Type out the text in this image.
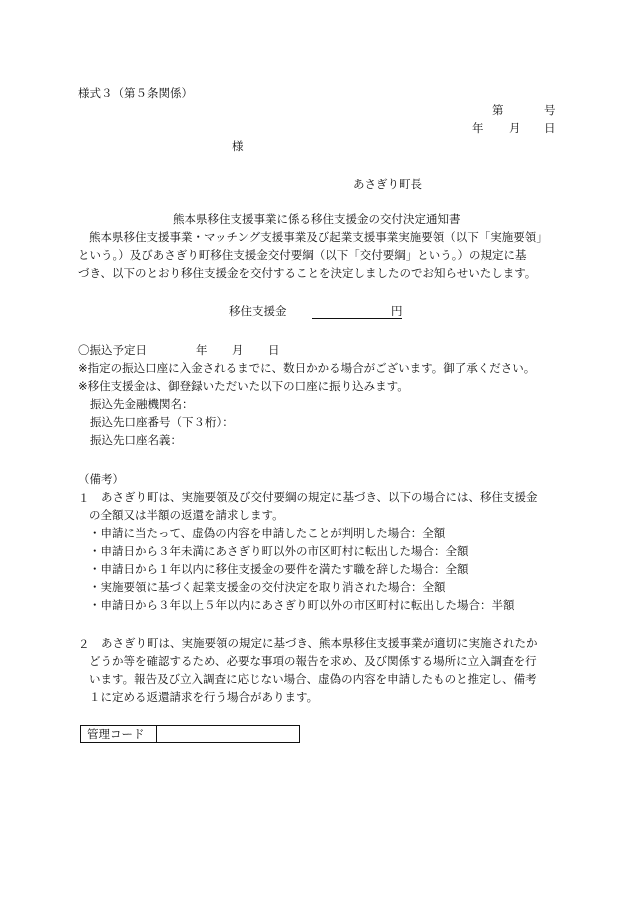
様式３（第５条関係）
第	号
年 月 日
様
あさぎり町長
熊本県移住支援事業に係る移住支援金の交付決定通知書
熊本県移住支援事業・マッチング支援事業及び起業支援事業実施要領（以下「実施要領」
という。）及びあさぎり町移住支援金交付要綱（以下「交付要綱」という。）の規定に基
づき、以下のとおり移住支援金を交付することを決定しましたのでお知らせいたします。
移住支援金	円
〇振込予定日	年 月 日
※指定の振込口座に入金されるまでに、数日かかる場合がございます。御了承ください。
※移住支援金は、御登録いただいた以下の口座に振り込みます。
振込先金融機関名：
振込先口座番号（下３桁）：
振込先口座名義：
（備考）
１ あさぎり町は、実施要領及び交付要綱の規定に基づき、以下の場合には、移住支援金
の全額又は半額の返還を請求します。
・申請に当たって、虚偽の内容を申請したことが判明した場合：全額
・申請日から３年未満にあさぎり町以外の市区町村に転出した場合：全額
・申請日から１年以内に移住支援金の要件を満たす職を辞した場合：全額
・実施要領に基づく起業支援金の交付決定を取り消された場合：全額
・申請日から３年以上５年以内にあさぎり町以外の市区町村に転出した場合：半額
２ あさぎり町は、実施要領の規定に基づき、熊本県移住支援事業が適切に実施されたか
どうか等を確認するため、必要な事項の報告を求め、及び関係する場所に立入調査を行
います。報告及び立入調査に応じない場合、虚偽の内容を申請したものと推定し、備考
１に定める返還請求を行う場合があります。
管理コード
